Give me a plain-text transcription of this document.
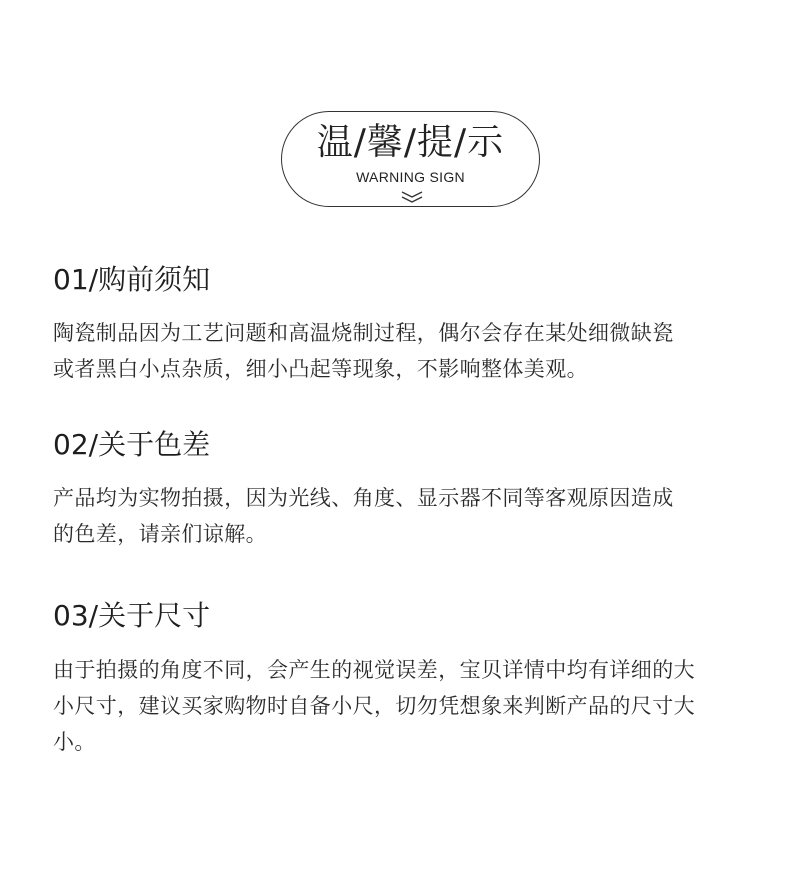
温/馨/提/示
WARNING SIGN
01/购前须知
陶瓷制品因为工艺问题和高温烧制过程，偶尔会存在某处细微缺瓷
或者黑白小点杂质，细小凸起等现象，不影响整体美观。
02/关于色差
产品均为实物拍摄，因为光线、角度、显示器不同等客观原因造成
的色差，请亲们谅解。
03/关于尺寸
由于拍摄的角度不同，会产生的视觉误差，宝贝详情中均有详细的大
小尺寸，建议买家购物时自备小尺，切勿凭想象来判断产品的尺寸大
小。
